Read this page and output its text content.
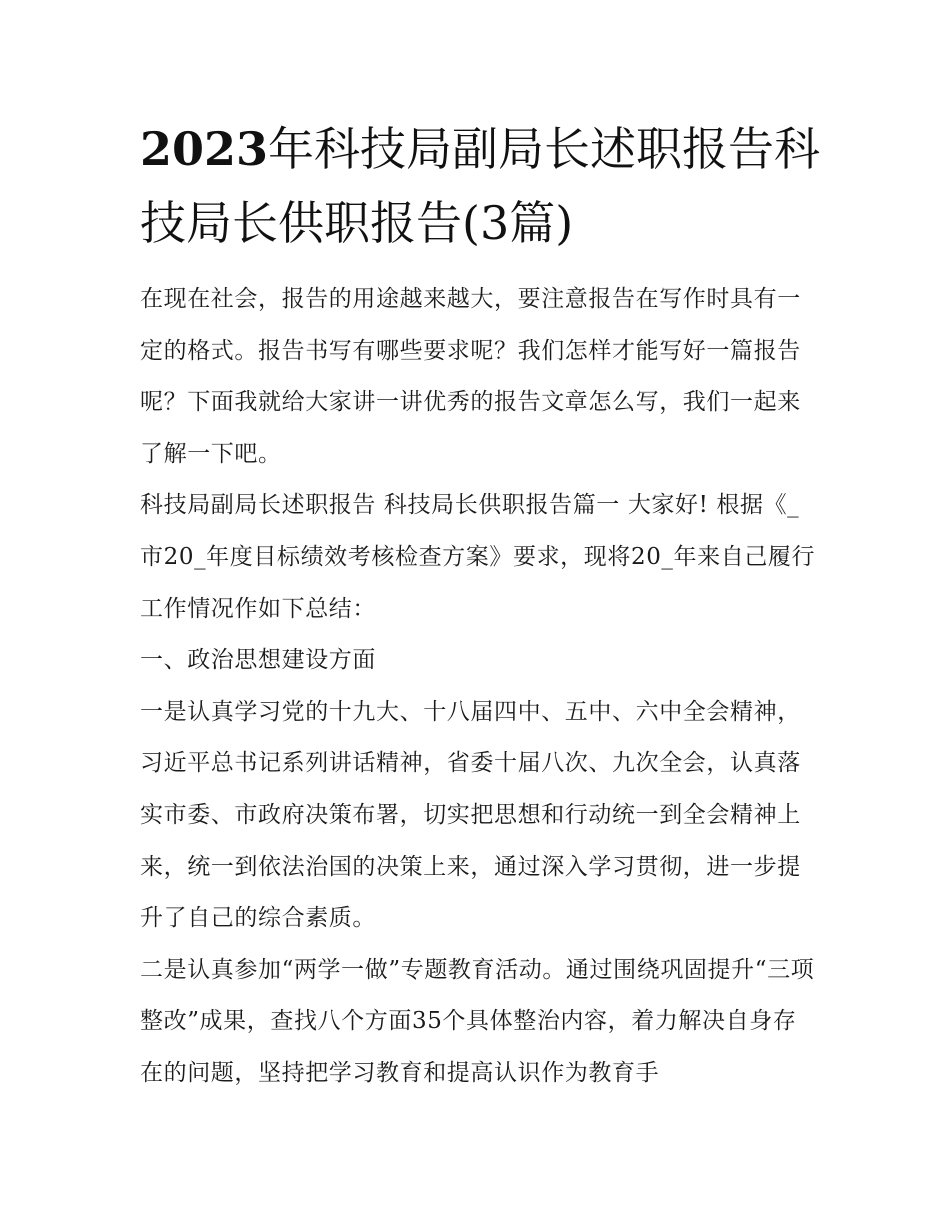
2023年科技局副局长述职报告科技局长供职报告(3篇)

在现在社会，报告的用途越来越大，要注意报告在写作时具有一定的格式。报告书写有哪些要求呢？我们怎样才能写好一篇报告呢？下面我就给大家讲一讲优秀的报告文章怎么写，我们一起来了解一下吧。

科技局副局长述职报告 科技局长供职报告篇一 大家好! 根据《_市20_年度目标绩效考核检查方案》要求，现将20_年来自己履行工作情况作如下总结：

一、政治思想建设方面

一是认真学习党的十九大、十八届四中、五中、六中全会精神，习近平总书记系列讲话精神，省委十届八次、九次全会，认真落实市委、市政府决策布署，切实把思想和行动统一到全会精神上来，统一到依法治国的决策上来，通过深入学习贯彻，进一步提升了自己的综合素质。

二是认真参加“两学一做”专题教育活动。通过围绕巩固提升“三项整改”成果，查找八个方面35个具体整治内容，着力解决自身存在的问题，坚持把学习教育和提高认识作为教育手
